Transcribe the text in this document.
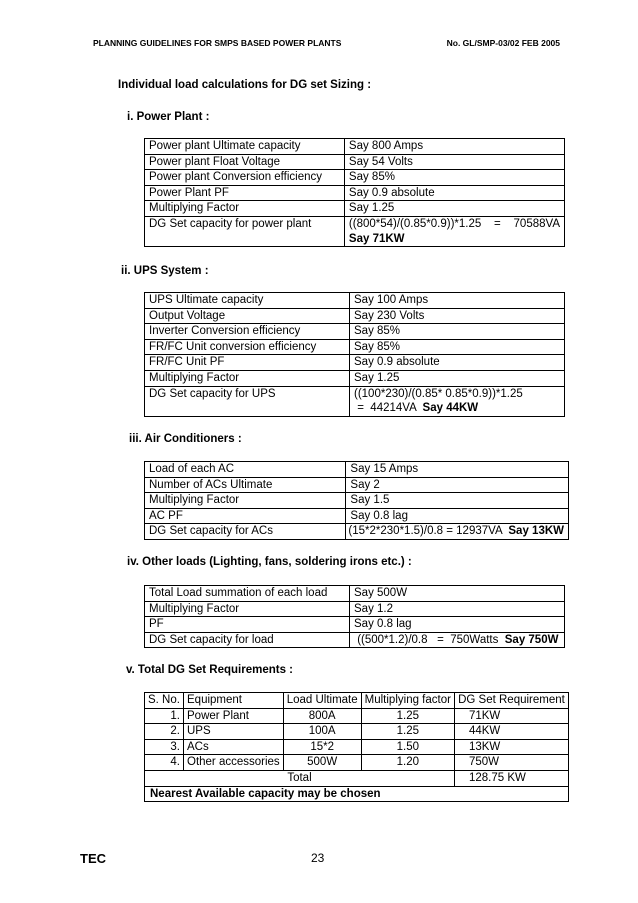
PLANNING GUIDELINES FOR SMPS BASED POWER PLANTS	No. GL/SMP-03/02 FEB 2005
Individual load calculations for DG set Sizing :
i. Power Plant :
Power plant Ultimate capacity	Say 800 Amps
Power plant Float Voltage	Say 54 Volts
Power plant Conversion efficiency	Say 85%
Power Plant PF	Say 0.9 absolute
Multiplying Factor	Say 1.25
DG Set capacity for power plant	((800*54)/(0.85*0.9))*1.25    =    70588VA
Say 71KW
ii. UPS System :
UPS Ultimate capacity	Say 100 Amps
Output Voltage	Say 230 Volts
Inverter Conversion efficiency	Say 85%
FR/FC Unit conversion efficiency	Say 85%
FR/FC Unit PF	Say 0.9 absolute
Multiplying Factor	Say 1.25
DG Set capacity for UPS	((100*230)/(0.85* 0.85*0.9))*1.25
=  44214VA  Say 44KW
iii. Air Conditioners :
Load of each AC	Say 15 Amps
Number of ACs Ultimate	Say 2
Multiplying Factor	Say 1.5
AC PF	Say 0.8 lag
DG Set capacity for ACs	(15*2*230*1.5)/0.8 = 12937VA  Say 13KW
iv. Other loads (Lighting, fans, soldering irons etc.) :
Total Load summation of each load	Say 500W
Multiplying Factor	Say 1.2
PF	Say 0.8 lag
DG Set capacity for load	((500*1.2)/0.8   =  750Watts  Say 750W
v. Total DG Set Requirements :
S. No.	Equipment	Load Ultimate	Multiplying factor	DG Set Requirement
1.	Power Plant	800A	1.25	71KW
2.	UPS	100A	1.25	44KW
3.	ACs	15*2	1.50	13KW
4.	Other accessories	500W	1.20	750W
Total				128.75 KW
Nearest Available capacity may be chosen				
TEC	23
